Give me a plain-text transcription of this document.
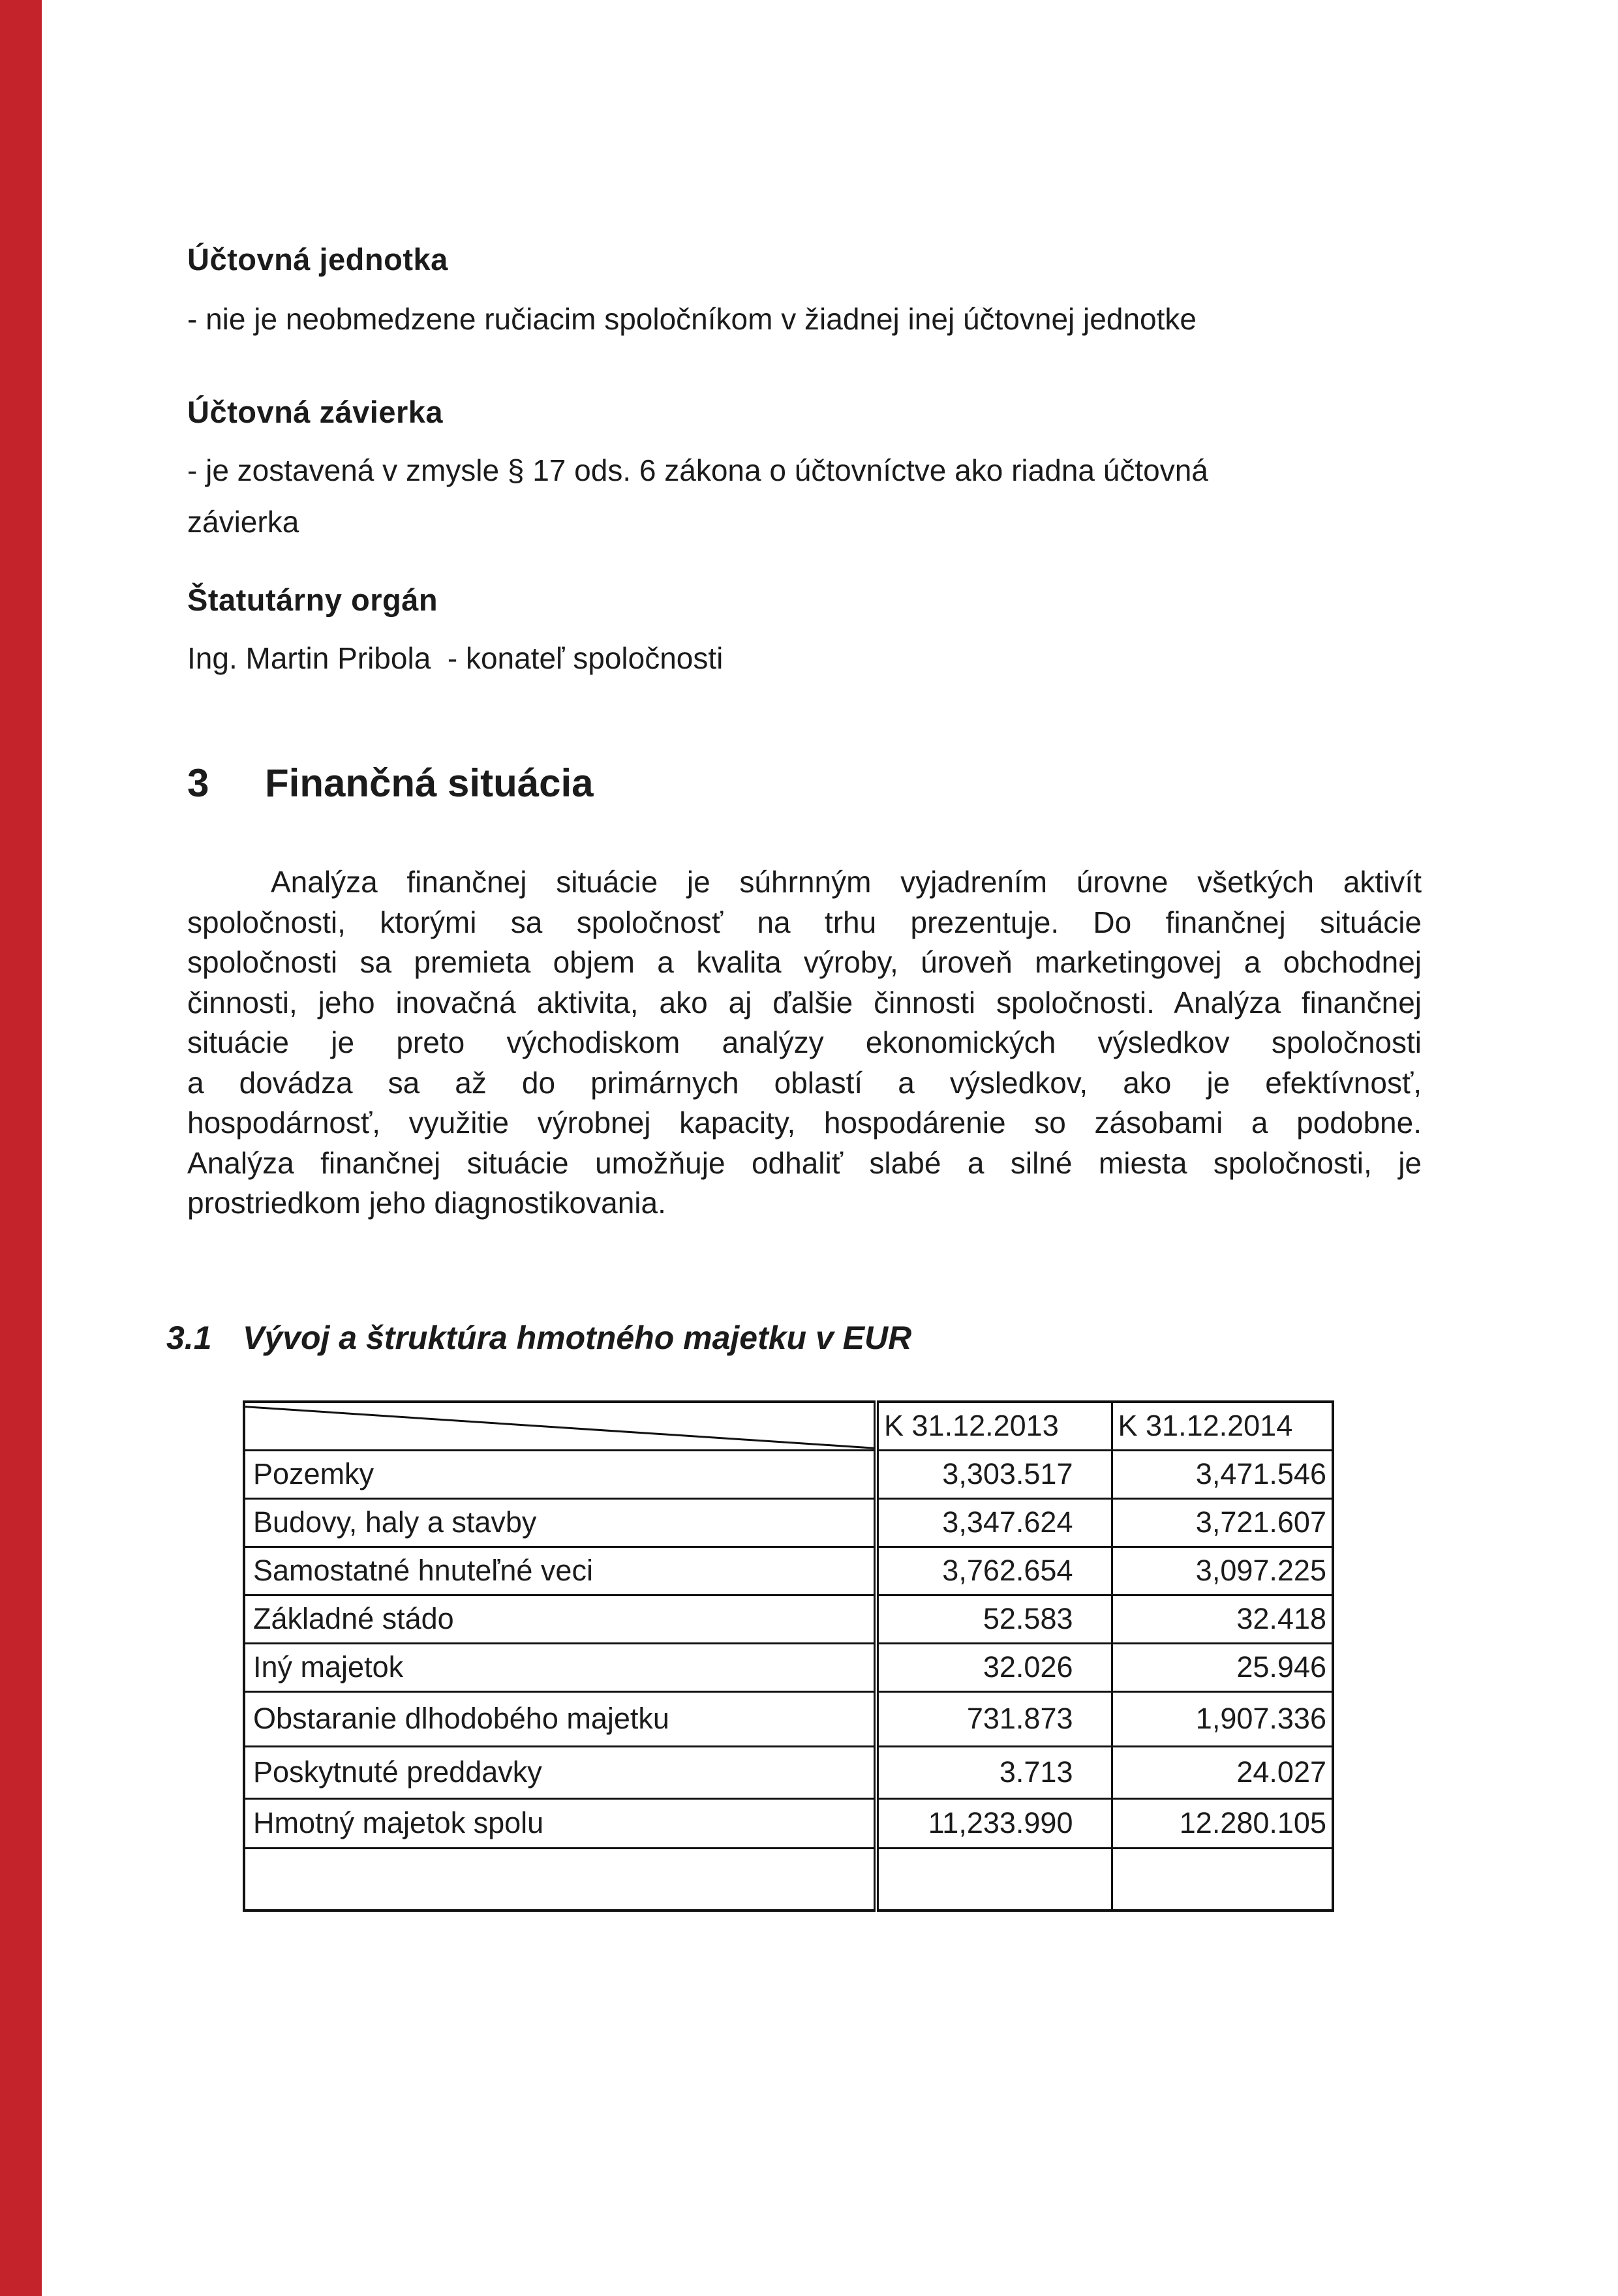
Účtovná jednotka
- nie je neobmedzene ručiacim spoločníkom v žiadnej inej účtovnej jednotke
Účtovná závierka
- je zostavená v zmysle § 17 ods. 6 zákona o účtovníctve ako riadna účtovná
závierka
Štatutárny orgán
Ing. Martin Pribola  - konateľ spoločnosti
3	Finančná situácia
Analýza finančnej situácie je súhrnným vyjadrením úrovne všetkých aktivít
spoločnosti, ktorými sa spoločnosť na trhu prezentuje. Do finančnej situácie
spoločnosti sa premieta objem a kvalita výroby, úroveň marketingovej a obchodnej
činnosti, jeho inovačná aktivita, ako aj ďalšie činnosti spoločnosti. Analýza finančnej
situácie je preto východiskom analýzy ekonomických výsledkov spoločnosti
a dovádza sa až do primárnych oblastí a výsledkov, ako je efektívnosť,
hospodárnosť, využitie výrobnej kapacity, hospodárenie so zásobami a podobne.
Analýza finančnej situácie umožňuje odhaliť slabé a silné miesta spoločnosti, je
prostriedkom jeho diagnostikovania.
3.1 Vývoj a štruktúra hmotného majetku v EUR
	K 31.12.2013	K 31.12.2014
Pozemky	3,303.517	3,471.546
Budovy, haly a stavby	3,347.624	3,721.607
Samostatné hnuteľné veci	3,762.654	3,097.225
Základné stádo	52.583	32.418
Iný majetok	32.026	25.946
Obstaranie dlhodobého majetku	731.873	1,907.336
Poskytnuté preddavky	3.713	24.027
Hmotný majetok spolu	11,233.990	12.280.105
